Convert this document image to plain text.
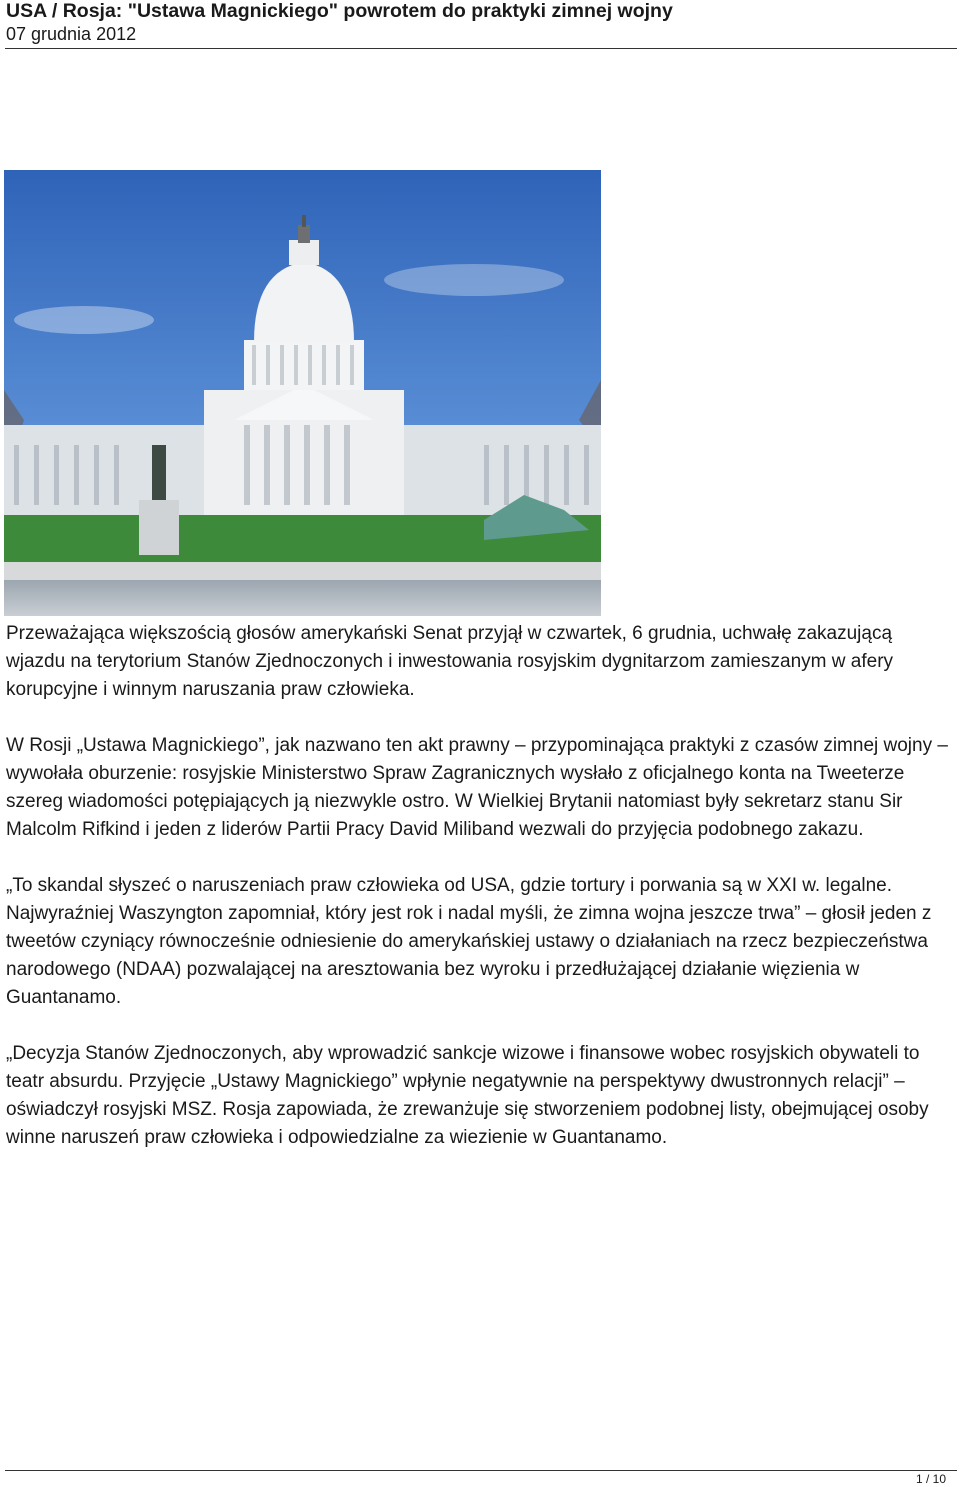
USA / Rosja: "Ustawa Magnickiego" powrotem do praktyki zimnej wojny
07 grudnia 2012

Przeważająca większością głosów amerykański Senat przyjął w czwartek, 6 grudnia, uchwałę zakazującą wjazdu na terytorium Stanów Zjednoczonych i inwestowania rosyjskim dygnitarzom zamieszanym w afery korupcyjne i winnym naruszania praw człowieka.

W Rosji „Ustawa Magnickiego”, jak nazwano ten akt prawny – przypominająca praktyki z czasów zimnej wojny – wywołała oburzenie: rosyjskie Ministerstwo Spraw Zagranicznych wysłało z oficjalnego konta na Tweeterze szereg wiadomości potępiających ją niezwykle ostro. W Wielkiej Brytanii natomiast były sekretarz stanu Sir Malcolm Rifkind i jeden z liderów Partii Pracy David Miliband wezwali do przyjęcia podobnego zakazu.

„To skandal słyszeć o naruszeniach praw człowieka od USA, gdzie tortury i porwania są w XXI w. legalne. Najwyraźniej Waszyngton zapomniał, który jest rok i nadal myśli, że zimna wojna jeszcze trwa” – głosił jeden z tweetów czyniący równocześnie odniesienie do amerykańskiej ustawy o działaniach na rzecz bezpieczeństwa narodowego (NDAA) pozwalającej na aresztowania bez wyroku i przedłużającej działanie więzienia w Guantanamo.

„Decyzja Stanów Zjednoczonych, aby wprowadzić sankcje wizowe i finansowe wobec rosyjskich obywateli to teatr absurdu. Przyjęcie „Ustawy Magnickiego” wpłynie negatywnie na perspektywy dwustronnych relacji” – oświadczył rosyjski MSZ. Rosja zapowiada, że zrewanżuje się stworzeniem podobnej listy, obejmującej osoby winne naruszeń praw człowieka i odpowiedzialne za wiezienie w Guantanamo.

1 / 10
